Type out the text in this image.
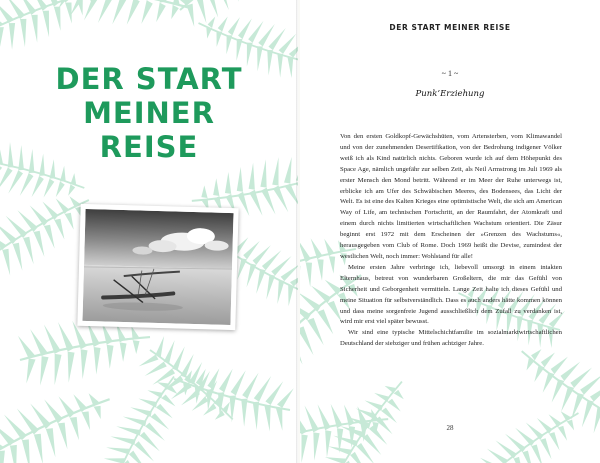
DER START
MEINER
REISE
DER START MEINER REISE
~ 1 ~
Punk’Erziehung

Von den ersten Goldkopf-Gewächshüten, vom Artensterben, vom Klimawandel und von der zunehmenden Desertifikation, von der Bedrohung indigener Völker weiß ich als Kind natürlich nichts. Geboren wurde ich auf dem Höhepunkt des Space Age, nämlich ungefähr zur selben Zeit, als Neil Armstrong im Juli 1969 als erster Mensch den Mond betritt. Während er im Meer der Ruhe unterwegs ist, erblicke ich am Ufer des Schwäbischen Meeres, des Bodensees, das Licht der Welt. Es ist eine des Kalten Krieges eine optimistische Welt, die sich am American Way of Life, am technischen Fortschritt, an der Raumfahrt, der Atomkraft und einem durch nichts limitierten wirtschaftlichen Wachstum orientiert. Die Zäsur beginnt erst 1972 mit dem Erscheinen der »Grenzen des Wachstums«, herausgegeben vom Club of Rome. Doch 1969 heißt die Devise, zumindest der westlichen Welt, noch immer: Wohlstand für alle!

Meine ersten Jahre verbringe ich, liebevoll umsorgt in einem intakten Elternhaus, betreut von wunderbaren Großeltern, die mir das Gefühl von Sicherheit und Geborgenheit vermitteln. Lange Zeit halte ich dieses Gefühl und meine Situation für selbstverständlich. Dass es auch anders hätte kommen können und dass meine sorgenfreie Jugend ausschließlich dem Zufall zu verdanken ist, wird mir erst viel später bewusst.

Wir sind eine typische Mittelschichtfamilie im sozialmarktwirtschaftlichen Deutschland der siebziger und frühen achtziger Jahre.

28
